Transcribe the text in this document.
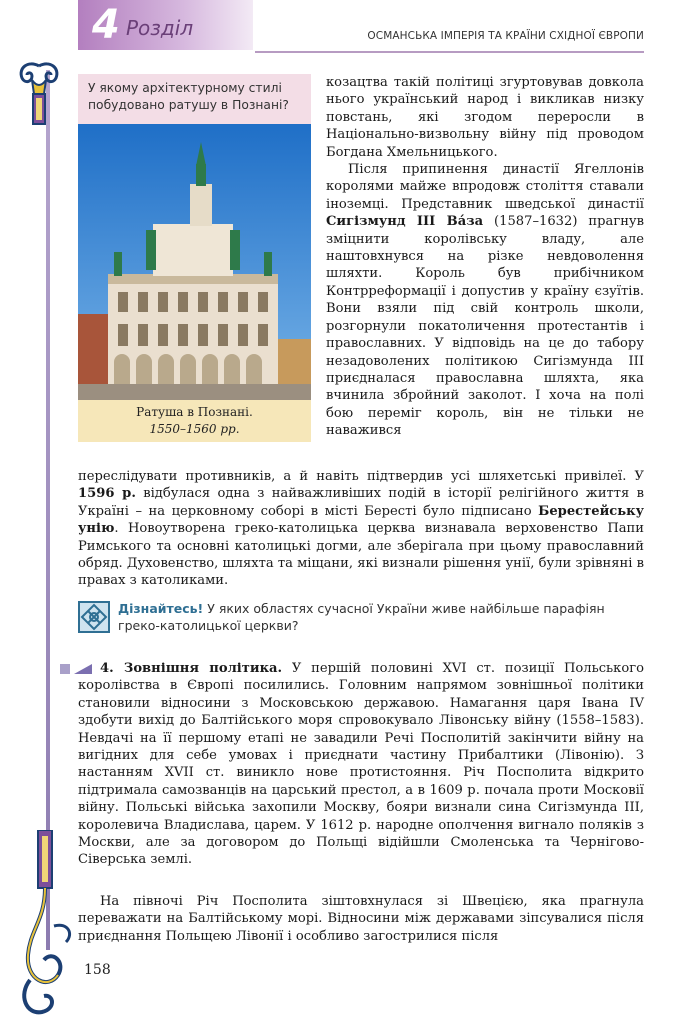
4 Розділ	ОСМАНСЬКА ІМПЕРІЯ ТА КРАЇНИ СХІДНОЇ ЄВРОПИ
У якому архітектурному стилі побудовано ратушу в Познані?
Ратуша в Познані.
1550–1560 рр.

козацтва такій політиці згуртовував довкола нього український народ і викликав низку повстань, які згодом переросли в Національно-визвольну війну під проводом Богдана Хмельницького.

Після припинення династії Ягеллонів королями майже впродовж століття ставали іноземці. Представник шведської династії Сигізмунд ІІІ Ва́за (1587–1632) прагнув зміцнити королівську владу, але наштовхнувся на різке невдоволення шляхти. Король був прибічником Контрреформації і допустив у країну єзуїтів. Вони взяли під свій контроль школи, розгорнули покатоличення протестантів і православних. У відповідь на це до табору незадоволених політикою Сигізмунда ІІІ приєдналася православна шляхта, яка вчинила збройний заколот. І хоча на полі бою переміг король, він не тільки не наважився

переслідувати противників, а й навіть підтвердив усі шляхетські привілеї. У 1596 р. відбулася одна з найважливіших подій в історії релігійного життя в Україні – на церковному соборі в місті Бересті було підписано Берестейську унію. Новоутворена греко-католицька церква визнавала верховенство Папи Римського та основні католицькі догми, але зберігала при цьому православний обряд. Духовенство, шляхта та міщани, які визнали рішення унії, були зрівняні в правах з католиками.

Дізнайтесь! У яких областях сучасної України живе найбільше парафіян греко-католицької церкви?

4. Зовнішня політика. У першій половині XVI ст. позиції Польського королівства в Європі посилились. Головним напрямом зовнішньої політики становили відносини з Московською державою. Намагання царя Івана IV здобути вихід до Балтійського моря спровокувало Лівонську війну (1558–1583). Невдачі на її першому етапі не завадили Речі Посполитій закінчити війну на вигідних для себе умовах і приєднати частину Прибалтики (Лівонію). З настанням XVII ст. виникло нове протистояння. Річ Посполита відкрито підтримала самозванців на царський престол, а в 1609 р. почала проти Московії війну. Польські війська захопили Москву, бояри визнали сина Сигізмунда ІІІ, королевича Владислава, царем. У 1612 р. народне ополчення вигнало поляків з Москви, але за договором до Польщі відійшли Смоленська та Чернігово-Сіверська землі.

На півночі Річ Посполита зіштовхнулася зі Швецією, яка прагнула переважати на Балтійському морі. Відносини між державами зіпсувалися після приєднання Польщею Лівонії і особливо загострилися після

158
